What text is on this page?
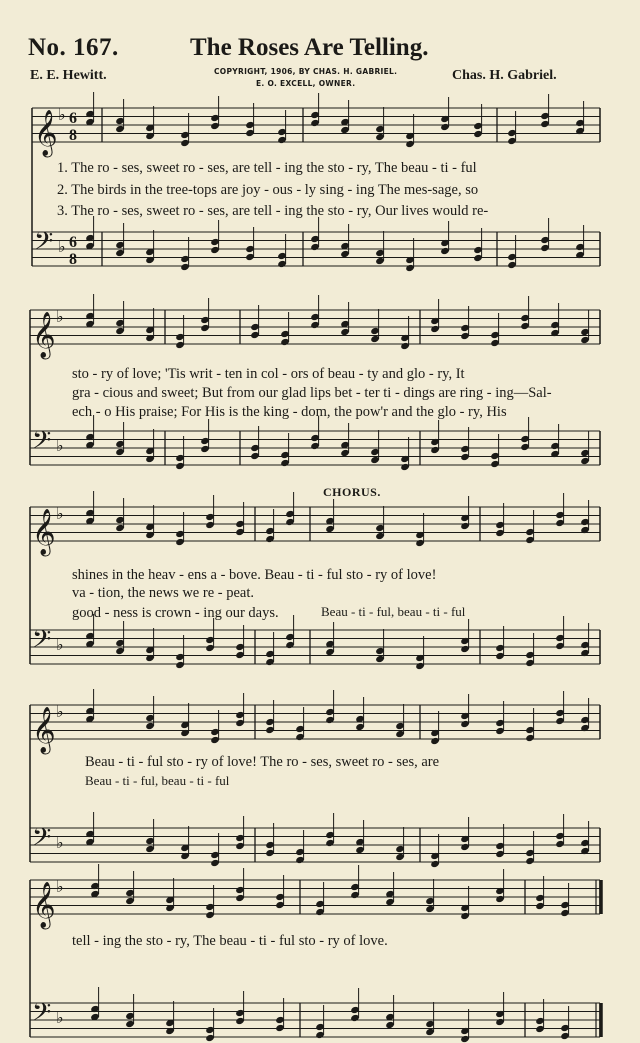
No. 167.	The Roses Are Telling.
E. E. Hewitt.	Chas. H. Gabriel.
COPYRIGHT, 1906, BY CHAS. H. GABRIEL.
E. O. EXCELL, OWNER.
𝄞 ♭ 6
8
𝄢 ♭ 6
8
𝄞 ♭
𝄢 ♭
𝄞 ♭
𝄢 ♭
𝄞 ♭
𝄢 ♭
𝄞 ♭
𝄢 ♭
1. The ro - ses, sweet ro - ses, are tell - ing the sto - ry, The beau - ti - ful
2. The birds in the tree-tops are joy - ous - ly sing - ing The mes-sage, so
3. The ro - ses, sweet ro - ses, are tell - ing the sto - ry, Our lives would re-
sto - ry of love; 'Tis writ - ten in col - ors of beau - ty and glo - ry, It
gra - cious and sweet; But from our glad lips bet - ter ti - dings are ring - ing—Sal-
ech - o His praise; For His is the king - dom, the pow'r and the glo - ry, His
CHORUS.
shines in the heav - ens a - bove. Beau - ti - ful sto - ry of love!
va - tion, the news we re - peat.
good - ness is crown - ing our days.	Beau - ti - ful, beau - ti - ful
Beau - ti - ful sto - ry of love! The ro - ses, sweet ro - ses, are
Beau - ti - ful, beau - ti - ful
tell - ing the sto - ry, The beau - ti - ful sto - ry of love.
